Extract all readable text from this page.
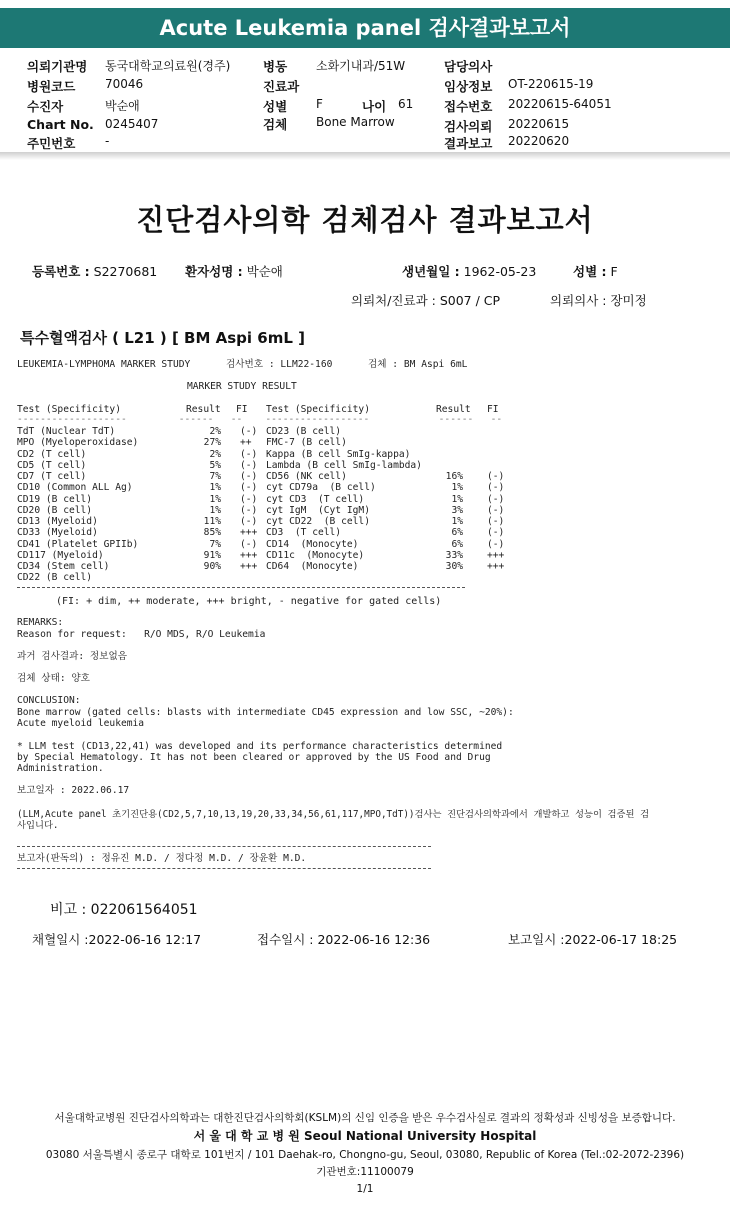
Acute Leukemia panel 검사결과보고서
의뢰기관명 동국대학교의료원(경주)
병원코드 70046
수진자	박순애
Chart No. 0245407
주민번호 -
병동 소화기내과/51W
진료과
성별 F	나이 61
검체 Bone Marrow
담당의사
임상정보 OT-220615-19
접수번호 20220615-64051
검사의뢰 20220615
결과보고 20220620
진단검사의학 검체검사 결과보고서
등록번호 : S2270681 환자성명 : 박순애	생년월일 : 1962-05-23	성별 : F
의뢰처/진료과 : S007 / CP	의뢰의사 : 장미정
특수혈액검사 ( L21 ) [ BM Aspi 6mL ]
LEUKEMIA-LYMPHOMA MARKER STUDY	검사번호 : LLM22-160	검체 : BM Aspi 6mL
MARKER STUDY RESULT
Test (Specificity)	Result FI Test (Specificity)	Result FI
-------------------         ------   --    ------------------            ------   --
TdT (Nuclear TdT)	2% (-) CD23 (B cell)
MPO (Myeloperoxidase)	27% ++ FMC-7 (B cell)
CD2 (T cell)	2% (-) Kappa (B cell SmIg-kappa)
CD5 (T cell)	5% (-) Lambda (B cell SmIg-lambda)
CD7 (T cell)	7% (-) CD56 (NK cell)	16%	(-)
CD10 (Common ALL Ag)	1% (-) cyt CD79a  (B cell)	1%	(-)
CD19 (B cell)	1% (-) cyt CD3  (T cell)	1%	(-)
CD20 (B cell)	1% (-) cyt IgM  (Cyt IgM)	3%	(-)
CD13 (Myeloid)	11% (-) cyt CD22  (B cell)	1%	(-)
CD33 (Myeloid)	85% +++ CD3  (T cell)	6%	(-)
CD41 (Platelet GPIIb)	7% (-) CD14  (Monocyte)	6%	(-)
CD117 (Myeloid)	91% +++ CD11c  (Monocyte)	33%	+++
CD34 (Stem cell)	90% +++ CD64  (Monocyte)	30%	+++
CD22 (B cell)
(FI: + dim, ++ moderate, +++ bright, - negative for gated cells)
REMARKS:
Reason for request:   R/O MDS, R/O Leukemia
과거 검사결과: 정보없음
검체 상태: 양호
CONCLUSION:
Bone marrow (gated cells: blasts with intermediate CD45 expression and low SSC, ~20%):
Acute myeloid leukemia
* LLM test (CD13,22,41) was developed and its performance characteristics determined
by Special Hematology. It has not been cleared or approved by the US Food and Drug
Administration.
보고일자 : 2022.06.17
(LLM,Acute panel 초기진단용(CD2,5,7,10,13,19,20,33,34,56,61,117,MPO,TdT))검사는 진단검사의학과에서 개발하고 성능이 검증된 검
사입니다.
보고자(판독의) : 정유진 M.D. / 정다정 M.D. / 장윤환 M.D.
비고 : 022061564051
채혈일시 :2022-06-16 12:17	접수일시 : 2022-06-16 12:36	보고일시 :2022-06-17 18:25
서울대학교병원 진단검사의학과는 대한진단검사의학회(KSLM)의 신임 인증을 받은 우수검사실로 결과의 정확성과 신빙성을 보증합니다.
서 울 대 학 교 병 원 Seoul National University Hospital
03080 서울특별시 종로구 대학로 101번지 / 101 Daehak-ro, Chongno-gu, Seoul, 03080, Republic of Korea (Tel.:02-2072-2396)
기관번호:11100079
1/1
